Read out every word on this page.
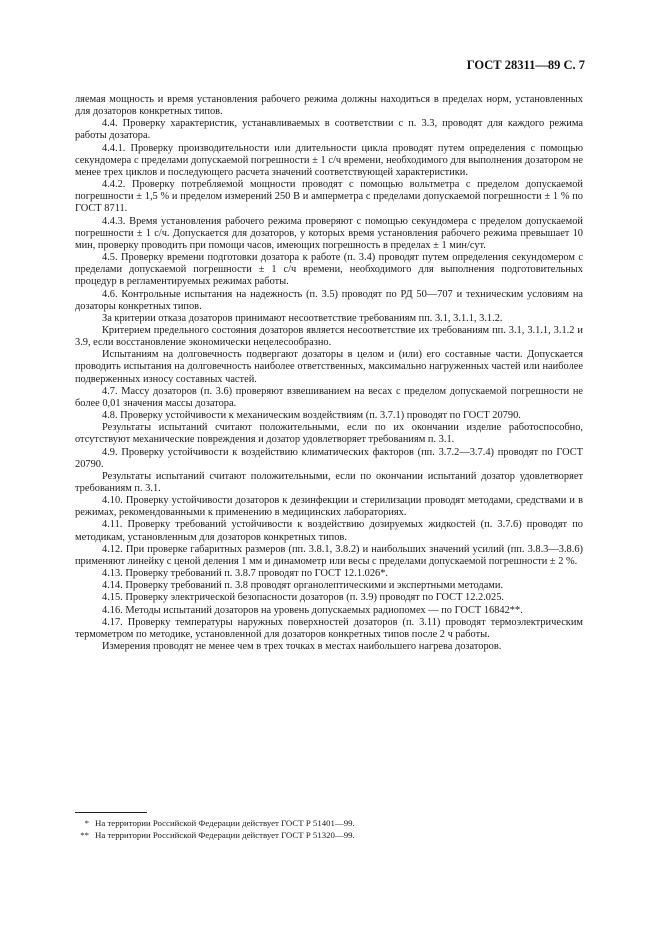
ГОСТ 28311—89 С. 7

ляемая мощность и время установления рабочего режима должны находиться в пределах норм, установленных для дозаторов конкретных типов.

4.4. Проверку характеристик, устанавливаемых в соответствии с п. 3.3, проводят для каждого режима работы дозатора.

4.4.1. Проверку производительности или длительности цикла проводят путем определения с помощью секундомера с пределами допускаемой погрешности ± 1 с/ч времени, необходимого для выполнения дозатором не менее трех циклов и последующего расчета значений соответствующей характеристики.

4.4.2. Проверку потребляемой мощности проводят с помощью вольтметра с пределом допускаемой погрешности ± 1,5 % и пределом измерений 250 В и амперметра с пределами допускаемой погрешности ± 1 % по ГОСТ 8711.

4.4.3. Время установления рабочего режима проверяют с помощью секундомера с пределом допускаемой погрешности ± 1 с/ч. Допускается для дозаторов, у которых время установления рабочего режима превышает 10 мин, проверку проводить при помощи часов, имеющих погрешность в пределах ± 1 мин/сут.

4.5. Проверку времени подготовки дозатора к работе (п. 3.4) проводят путем определения секундомером с пределами допускаемой погрешности ± 1 с/ч времени, необходимого для выполнения подготовительных процедур в регламентируемых режимах работы.

4.6. Контрольные испытания на надежность (п. 3.5) проводят по РД 50—707 и техническим условиям на дозаторы конкретных типов.

За критерии отказа дозаторов принимают несоответствие требованиям пп. 3.1, 3.1.1, 3.1.2.

Критерием предельного состояния дозаторов является несоответствие их требованиям пп. 3.1, 3.1.1, 3.1.2 и 3.9, если восстановление экономически нецелесообразно.

Испытаниям на долговечность подвергают дозаторы в целом и (или) его составные части. Допускается проводить испытания на долговечность наиболее ответственных, максимально нагруженных частей или наиболее подверженных износу составных частей.

4.7. Массу дозаторов (п. 3.6) проверяют взвешиванием на весах с пределом допускаемой погрешности не более 0,01 значения массы дозатора.

4.8. Проверку устойчивости к механическим воздействиям (п. 3.7.1) проводят по ГОСТ 20790.

Результаты испытаний считают положительными, если по их окончании изделие работоспособно, отсутствуют механические повреждения и дозатор удовлетворяет требованиям п. 3.1.

4.9. Проверку устойчивости к воздействию климатических факторов (пп. 3.7.2—3.7.4) проводят по ГОСТ 20790.

Результаты испытаний считают положительными, если по окончании испытаний дозатор удовлетворяет требованиям п. 3.1.

4.10. Проверку устойчивости дозаторов к дезинфекции и стерилизации проводят методами, средствами и в режимах, рекомендованными к применению в медицинских лабораториях.

4.11. Проверку требований устойчивости к воздействию дозируемых жидкостей (п. 3.7.6) проводят по методикам, установленным для дозаторов конкретных типов.

4.12. При проверке габаритных размеров (пп. 3.8.1, 3.8.2) и наибольших значений усилий (пп. 3.8.3—3.8.6) применяют линейку с ценой деления 1 мм и динамометр или весы с пределами допускаемой погрешности ± 2 %.

4.13. Проверку требований п. 3.8.7 проводят по ГОСТ 12.1.026*.

4.14. Проверку требований п. 3.8 проводят органолептическими и экспертными методами.

4.15. Проверку электрической безопасности дозаторов (п. 3.9) проводят по ГОСТ 12.2.025.

4.16. Методы испытаний дозаторов на уровень допускаемых радиопомех — по ГОСТ 16842**.

4.17. Проверку температуры наружных поверхностей дозаторов (п. 3.11) проводят термоэлектрическим термометром по методике, установленной для дозаторов конкретных типов после 2 ч работы.

Измерения проводят не менее чем в трех точках в местах наибольшего нагрева дозаторов.

* На территории Российской Федерации действует ГОСТ Р 51401—99.

** На территории Российской Федерации действует ГОСТ Р 51320—99.
